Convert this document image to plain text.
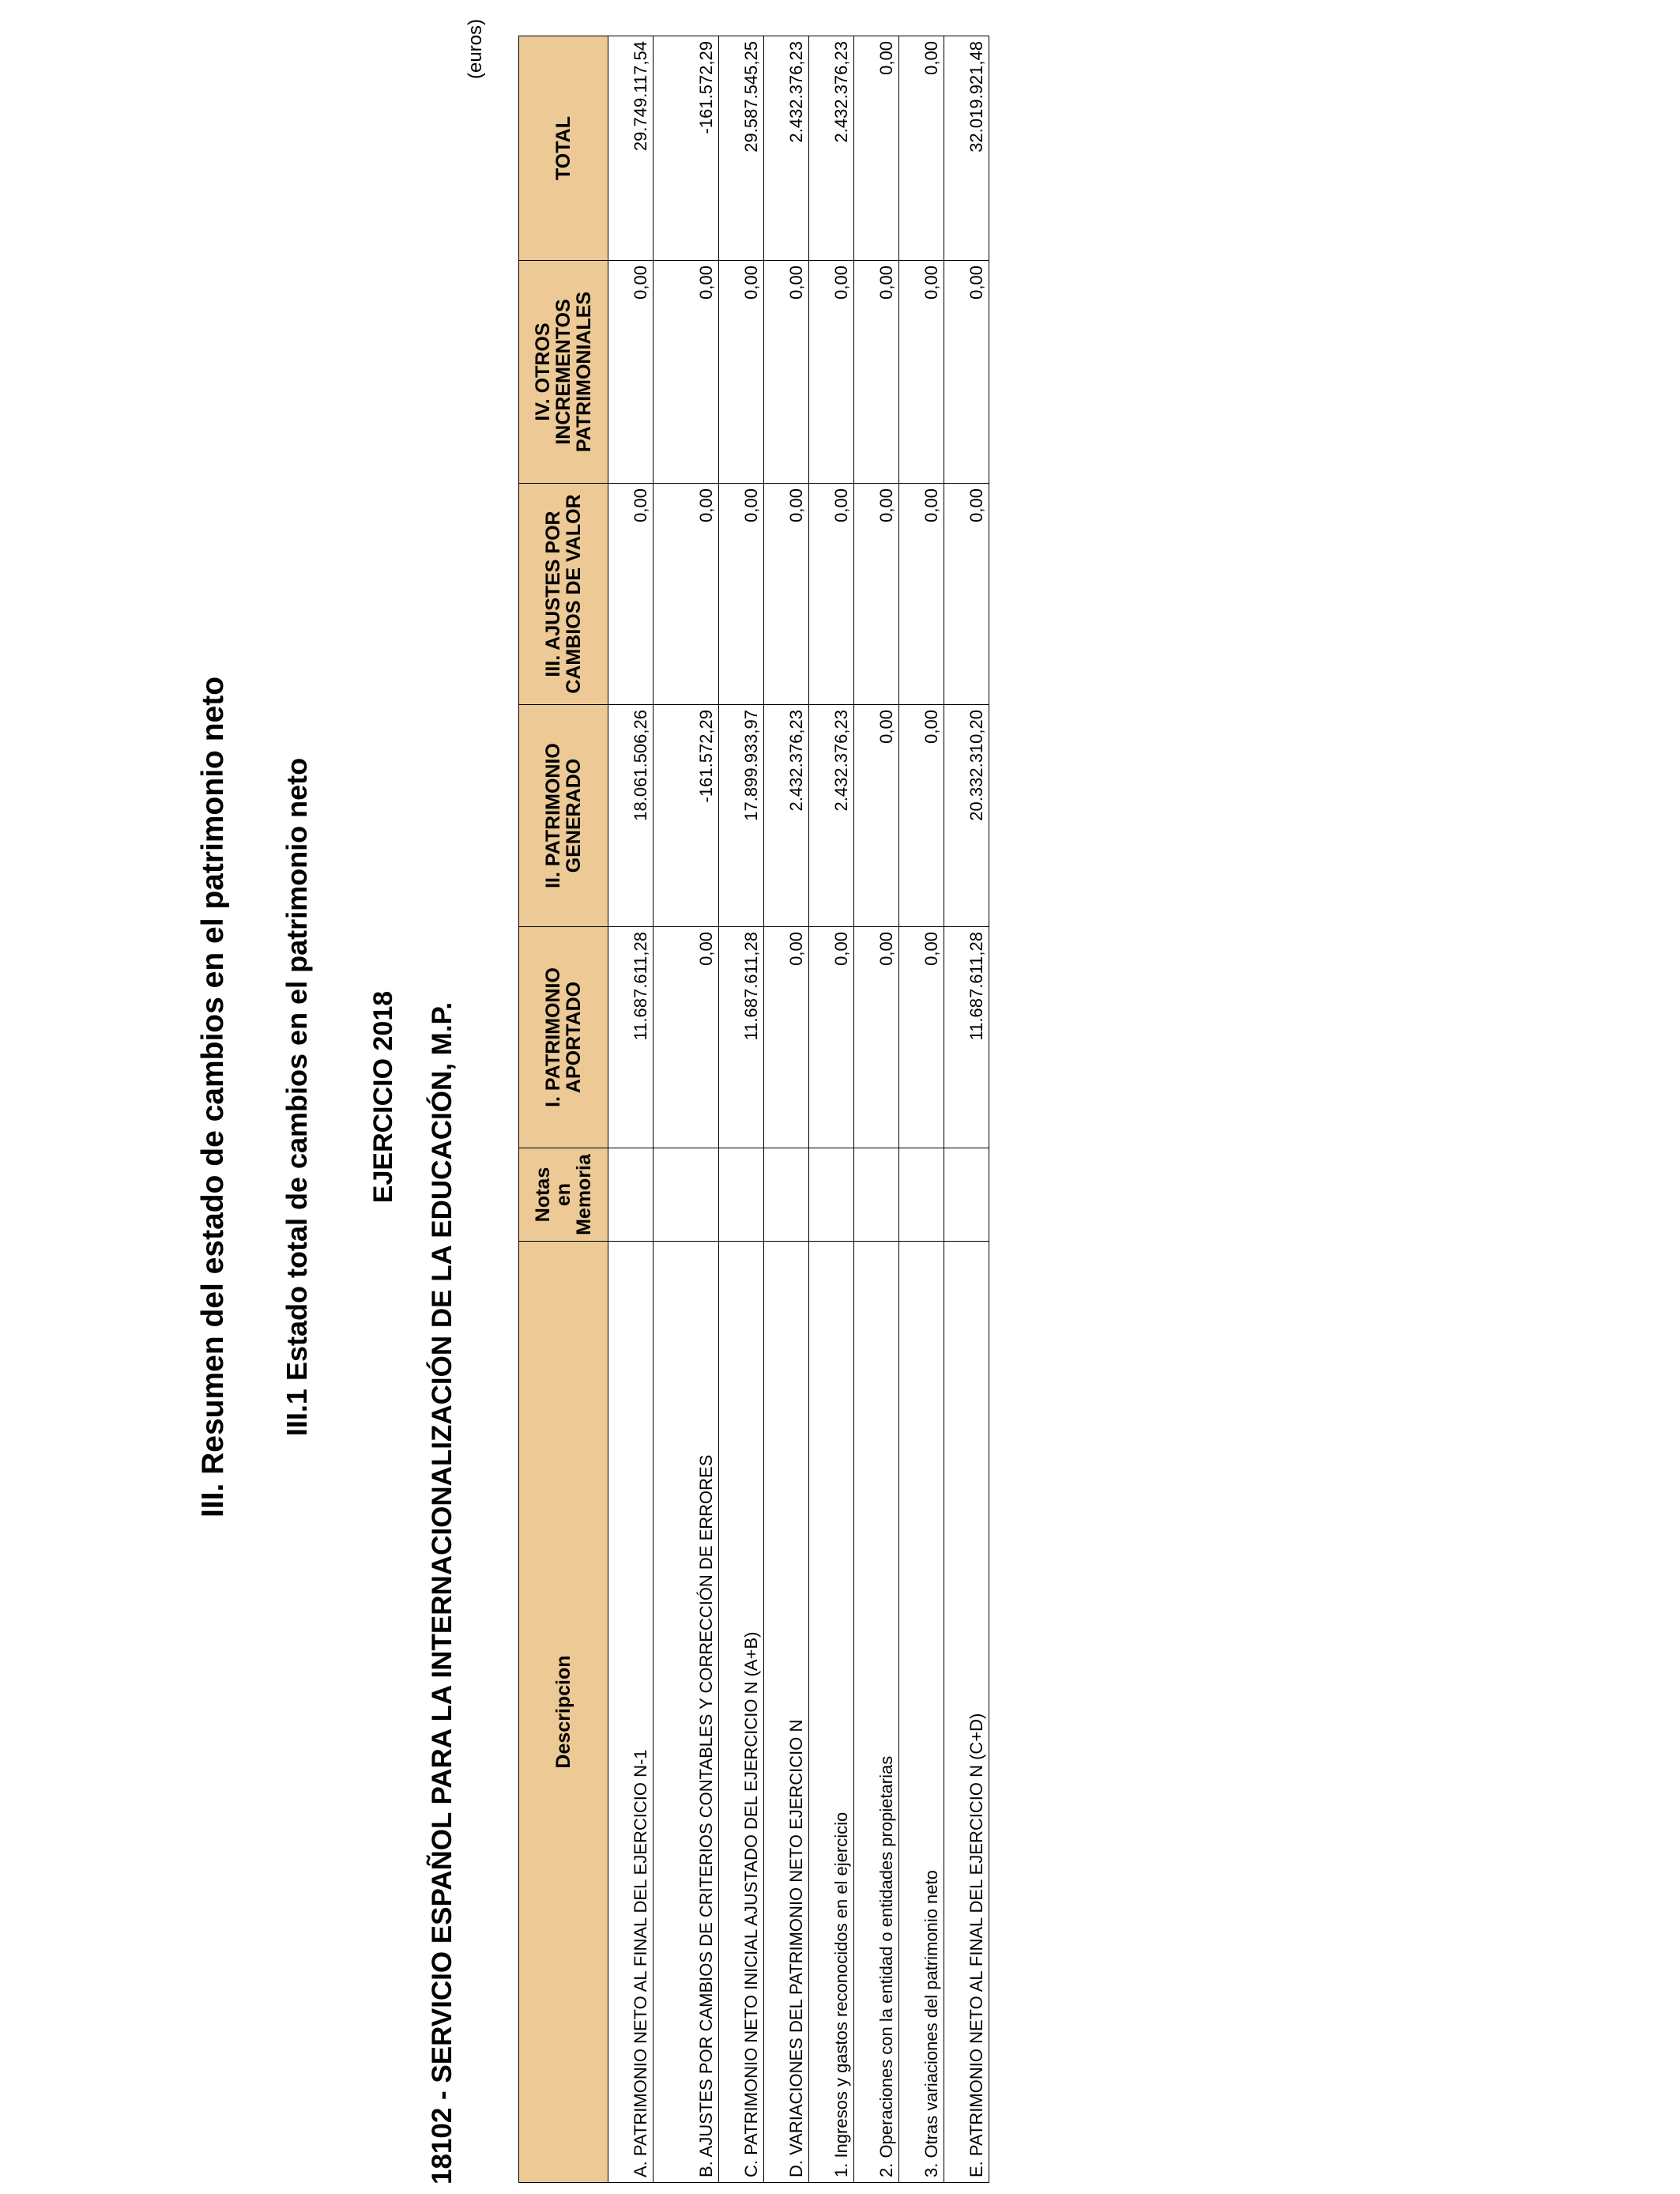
III. Resumen del estado de cambios en el patrimonio neto III.1 Estado total de cambios en el patrimonio neto EJERCICIO 2018 18102 - SERVICIO ESPAÑOL PARA LA INTERNACIONALIZACIÓN DE LA EDUCACIÓN, M.P.
(euros)
Descripcion	Notas en Memoria	I. PATRIMONIO APORTADO	II. PATRIMONIO GENERADO	III. AJUSTES POR CAMBIOS DE VALOR	IV. OTROS INCREMENTOS PATRIMONIALES	TOTAL
A. PATRIMONIO NETO AL FINAL DEL EJERCICIO N-1		11.687.611,28	18.061.506,26	0,00	0,00	29.749.117,54
B. AJUSTES POR CAMBIOS DE CRITERIOS CONTABLES Y CORRECCIÓN DE ERRORES		0,00	-161.572,29	0,00	0,00	-161.572,29
C. PATRIMONIO NETO INICIAL AJUSTADO DEL EJERCICIO N (A+B)		11.687.611,28	17.899.933,97	0,00	0,00	29.587.545,25
D. VARIACIONES DEL PATRIMONIO NETO EJERCICIO N		0,00	2.432.376,23	0,00	0,00	2.432.376,23
1. Ingresos y gastos reconocidos en el ejercicio		0,00	2.432.376,23	0,00	0,00	2.432.376,23
2. Operaciones con la entidad o entidades propietarias		0,00	0,00	0,00	0,00	0,00
3. Otras variaciones del patrimonio neto		0,00	0,00	0,00	0,00	0,00
E. PATRIMONIO NETO AL FINAL DEL EJERCICIO N (C+D)		11.687.611,28	20.332.310,20	0,00	0,00	32.019.921,48
